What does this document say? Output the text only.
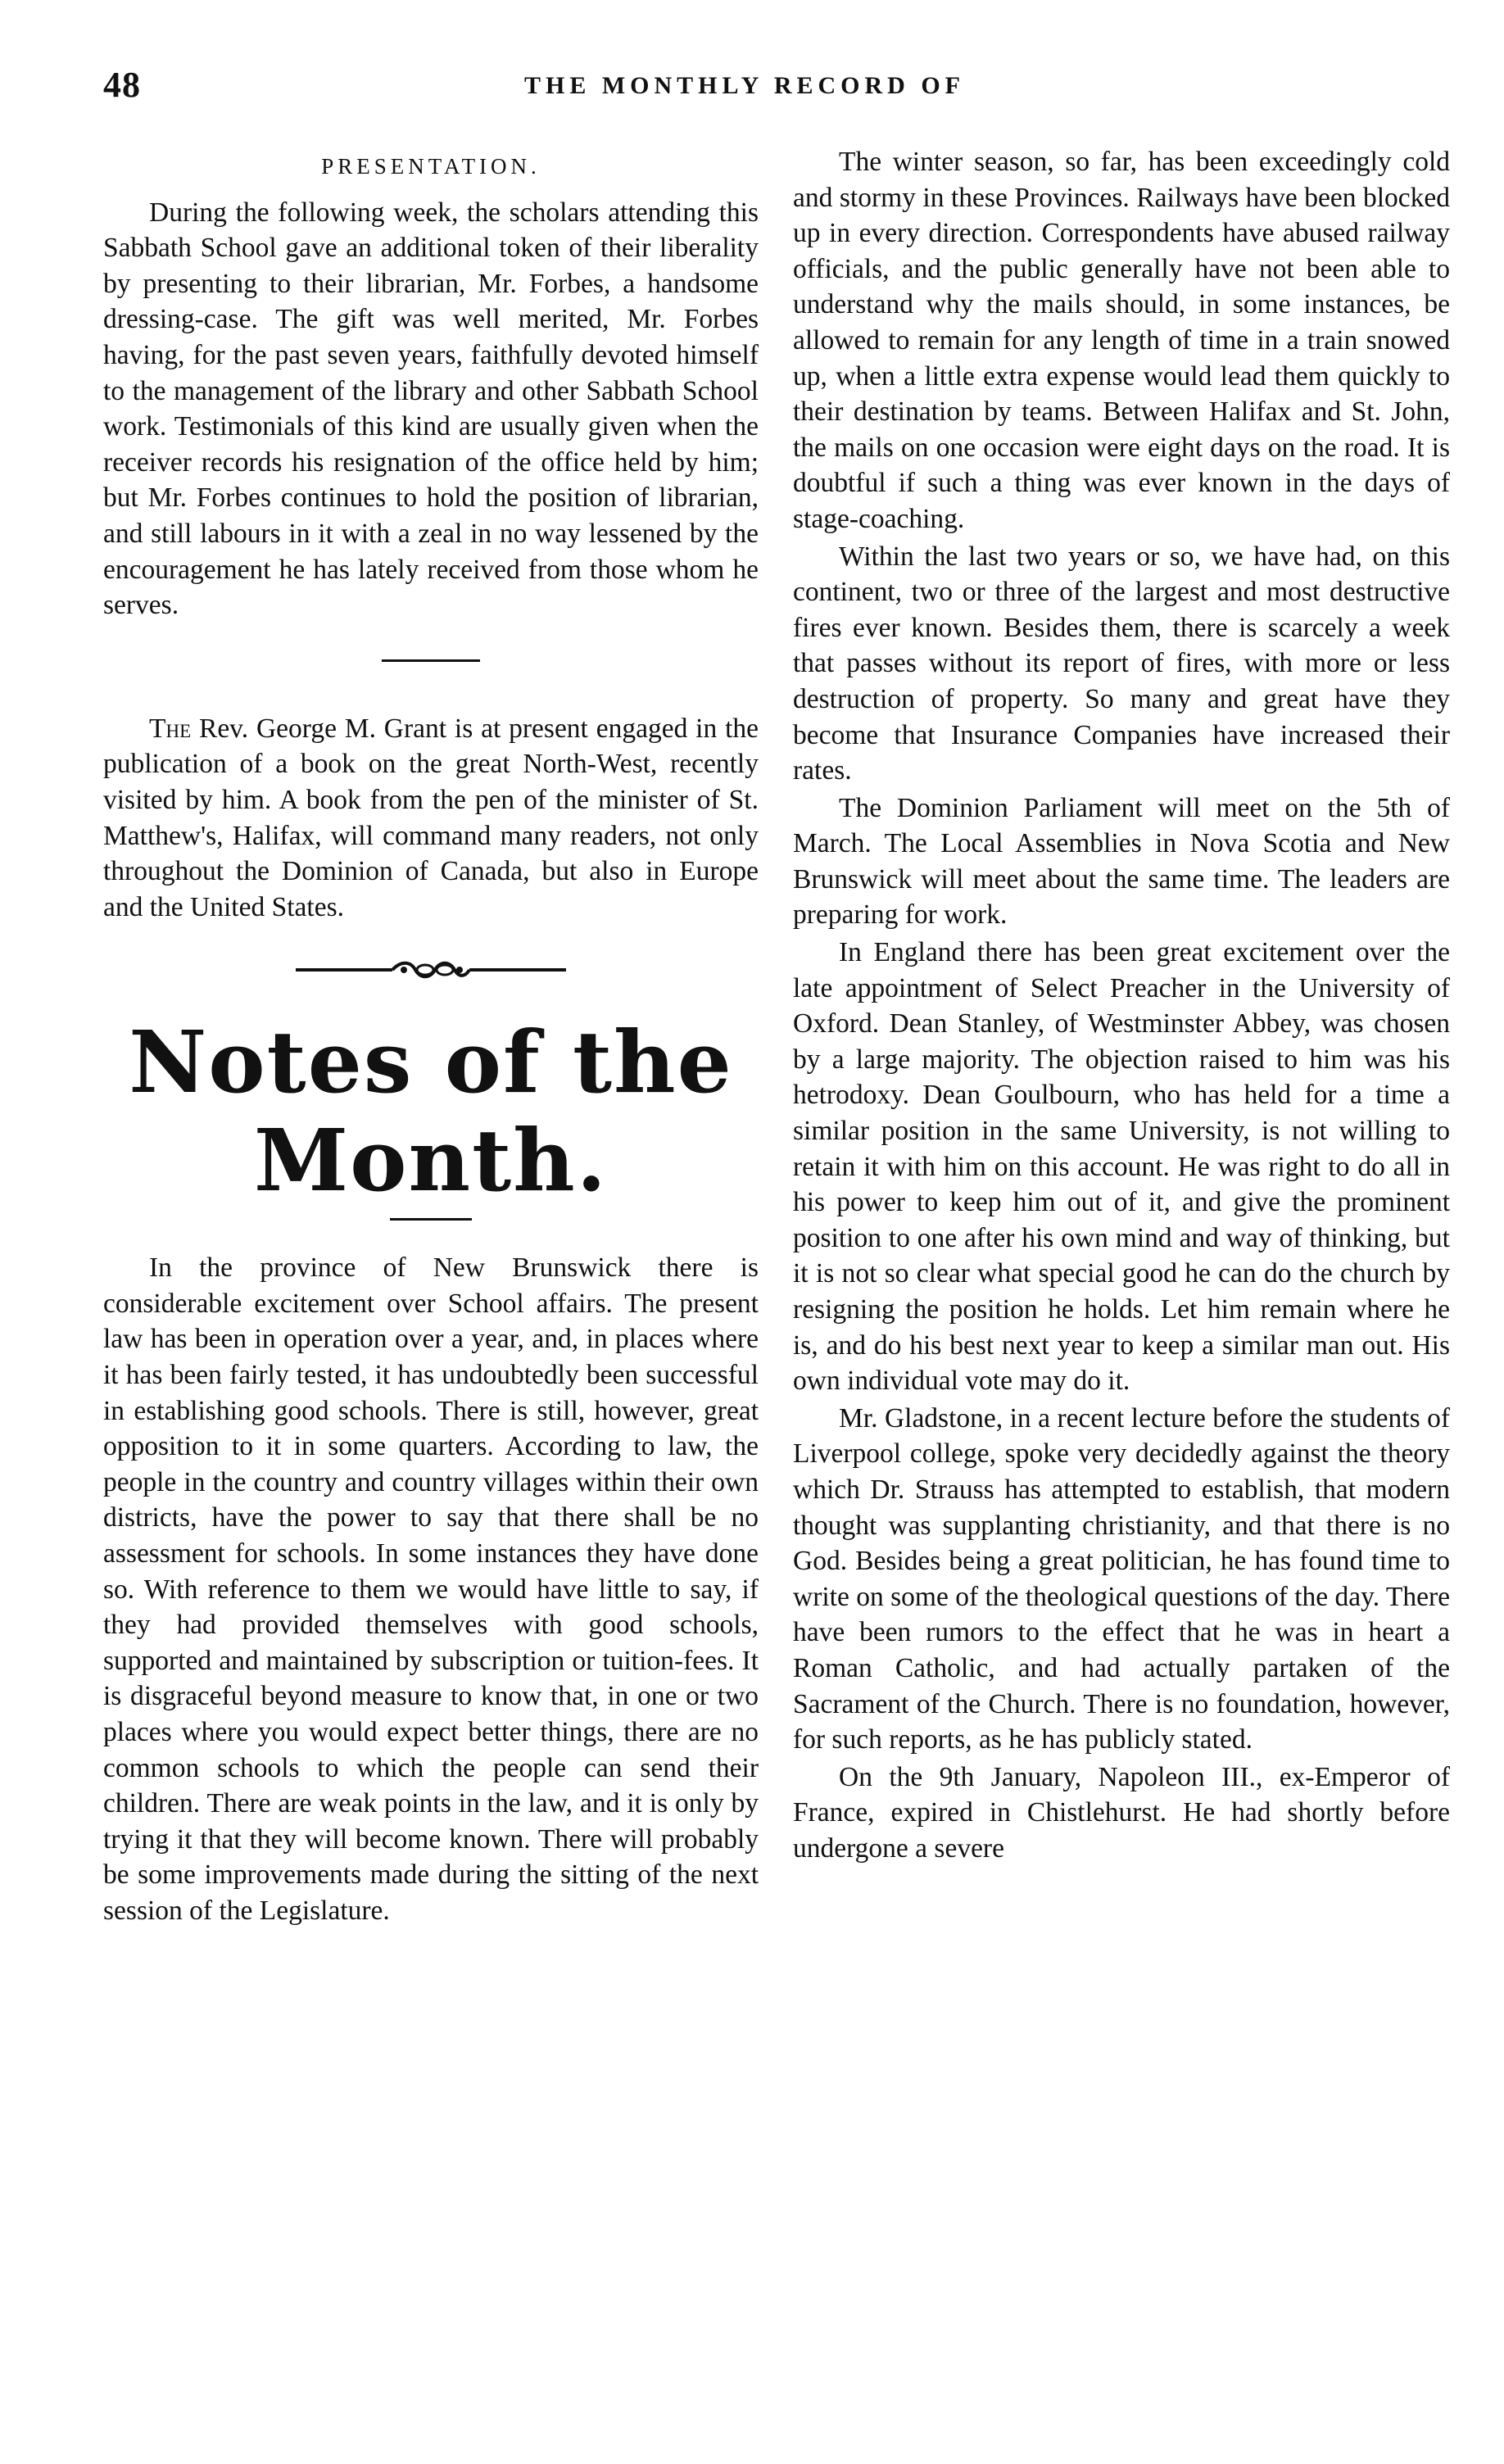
48	THE MONTHLY RECORD OF
PRESENTATION.

During the following week, the scholars attending this Sabbath School gave an additional token of their liberality by presenting to their librarian, Mr. Forbes, a handsome dressing-case. The gift was well merited, Mr. Forbes having, for the past seven years, faithfully devoted himself to the management of the library and other Sabbath School work. Testimonials of this kind are usually given when the receiver records his resignation of the office held by him; but Mr. Forbes continues to hold the position of librarian, and still labours in it with a zeal in no way lessened by the encouragement he has lately received from those whom he serves.

The Rev. George M. Grant is at present engaged in the publication of a book on the great North-West, recently visited by him. A book from the pen of the minister of St. Matthew's, Halifax, will command many readers, not only throughout the Dominion of Canada, but also in Europe and the United States.

Notes of the Month.

In the province of New Brunswick there is considerable excitement over School affairs. The present law has been in operation over a year, and, in places where it has been fairly tested, it has undoubtedly been successful in establishing good schools. There is still, however, great opposition to it in some quarters. According to law, the people in the country and country villages within their own districts, have the power to say that there shall be no assessment for schools. In some instances they have done so. With reference to them we would have little to say, if they had provided themselves with good schools, supported and maintained by subscription or tuition-fees. It is disgraceful beyond measure to know that, in one or two places where you would expect better things, there are no common schools to which the people can send their children. There are weak points in the law, and it is only by trying it that they will become known. There will probably be some improvements made during the sitting of the next session of the Legislature.

The winter season, so far, has been exceedingly cold and stormy in these Provinces. Railways have been blocked up in every direction. Correspondents have abused railway officials, and the public generally have not been able to understand why the mails should, in some instances, be allowed to remain for any length of time in a train snowed up, when a little extra expense would lead them quickly to their destination by teams. Between Halifax and St. John, the mails on one occasion were eight days on the road. It is doubtful if such a thing was ever known in the days of stage-coaching.

Within the last two years or so, we have had, on this continent, two or three of the largest and most destructive fires ever known. Besides them, there is scarcely a week that passes without its report of fires, with more or less destruction of property. So many and great have they become that Insurance Companies have increased their rates.

The Dominion Parliament will meet on the 5th of March. The Local Assemblies in Nova Scotia and New Brunswick will meet about the same time. The leaders are preparing for work.

In England there has been great excitement over the late appointment of Select Preacher in the University of Oxford. Dean Stanley, of Westminster Abbey, was chosen by a large majority. The objection raised to him was his hetrodoxy. Dean Goulbourn, who has held for a time a similar position in the same University, is not willing to retain it with him on this account. He was right to do all in his power to keep him out of it, and give the prominent position to one after his own mind and way of thinking, but it is not so clear what special good he can do the church by resigning the position he holds. Let him remain where he is, and do his best next year to keep a similar man out. His own individual vote may do it.

Mr. Gladstone, in a recent lecture before the students of Liverpool college, spoke very decidedly against the theory which Dr. Strauss has attempted to establish, that modern thought was supplanting christianity, and that there is no God. Besides being a great politician, he has found time to write on some of the theological questions of the day. There have been rumors to the effect that he was in heart a Roman Catholic, and had actually partaken of the Sacrament of the Church. There is no foundation, however, for such reports, as he has publicly stated.

On the 9th January, Napoleon III., ex-Emperor of France, expired in Chistlehurst. He had shortly before undergone a severe
